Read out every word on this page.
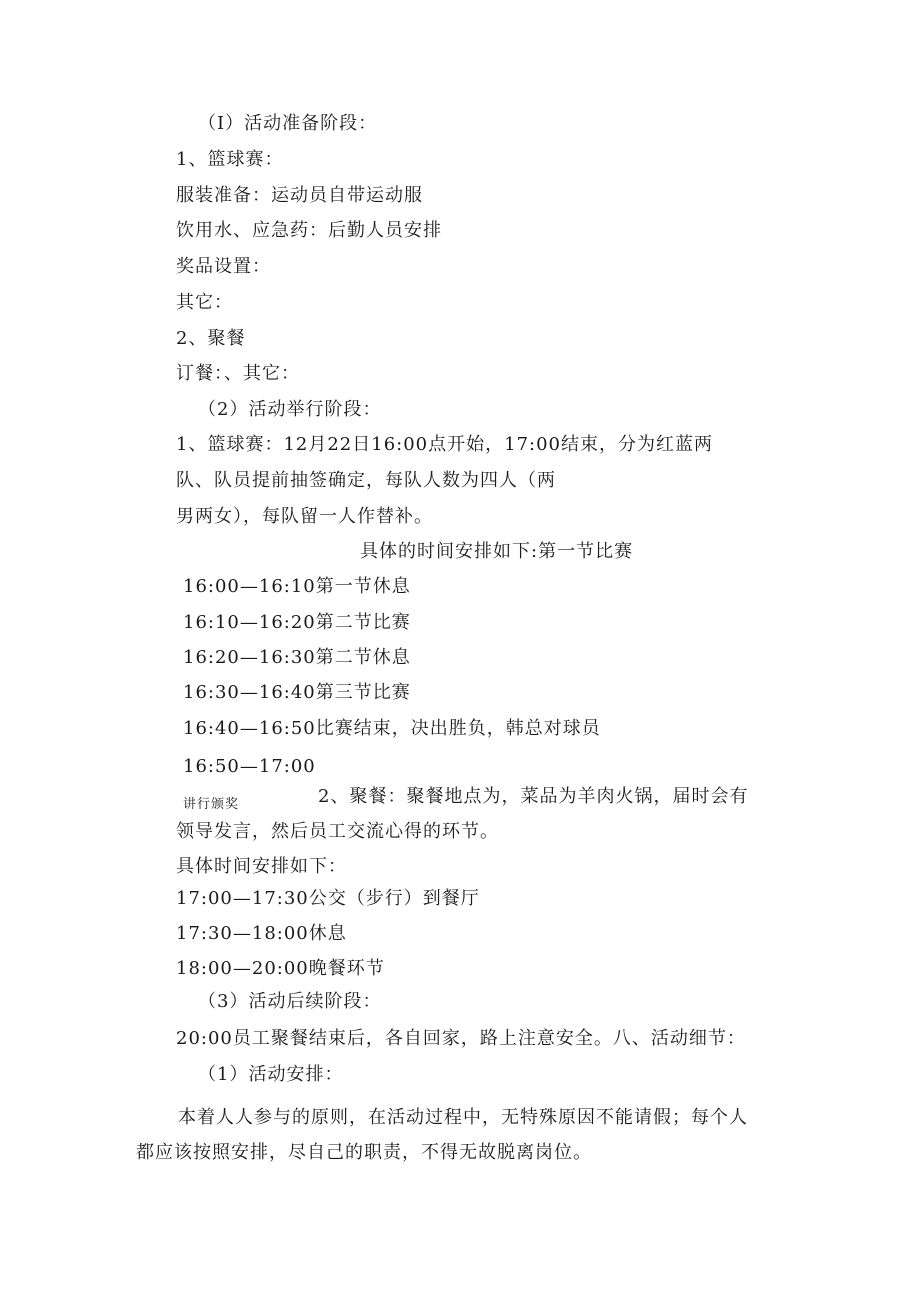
（I）活动准备阶段：
1、篮球赛：
服装准备：运动员自带运动服
饮用水、应急药：后勤人员安排
奖品设置：
其它：
2、聚餐
订餐：、其它：
（2）活动举行阶段：
1、篮球赛：12月22日16:00点开始，17:00结束，分为红蓝两
队、队员提前抽签确定，每队人数为四人（两
男两女），每队留一人作替补。
具体的时间安排如下:第一节比赛
16:00—16:10第一节休息
16:10—16:20第二节比赛
16:20—16:30第二节休息
16:30—16:40第三节比赛
16:40—16:50比赛结束，决出胜负，韩总对球员
16:50—17:00
讲行颁奖	2、聚餐：聚餐地点为，菜品为羊肉火锅，届时会有
领导发言，然后员工交流心得的环节。
具体时间安排如下：
17:00—17:30公交（步行）到餐厅
17:30—18:00休息
18:00—20:00晚餐环节
（3）活动后续阶段：
20:00员工聚餐结束后，各自回家，路上注意安全。八、活动细节：
（1）活动安排：
本着人人参与的原则，在活动过程中，无特殊原因不能请假；每个人
都应该按照安排，尽自己的职责，不得无故脱离岗位。
